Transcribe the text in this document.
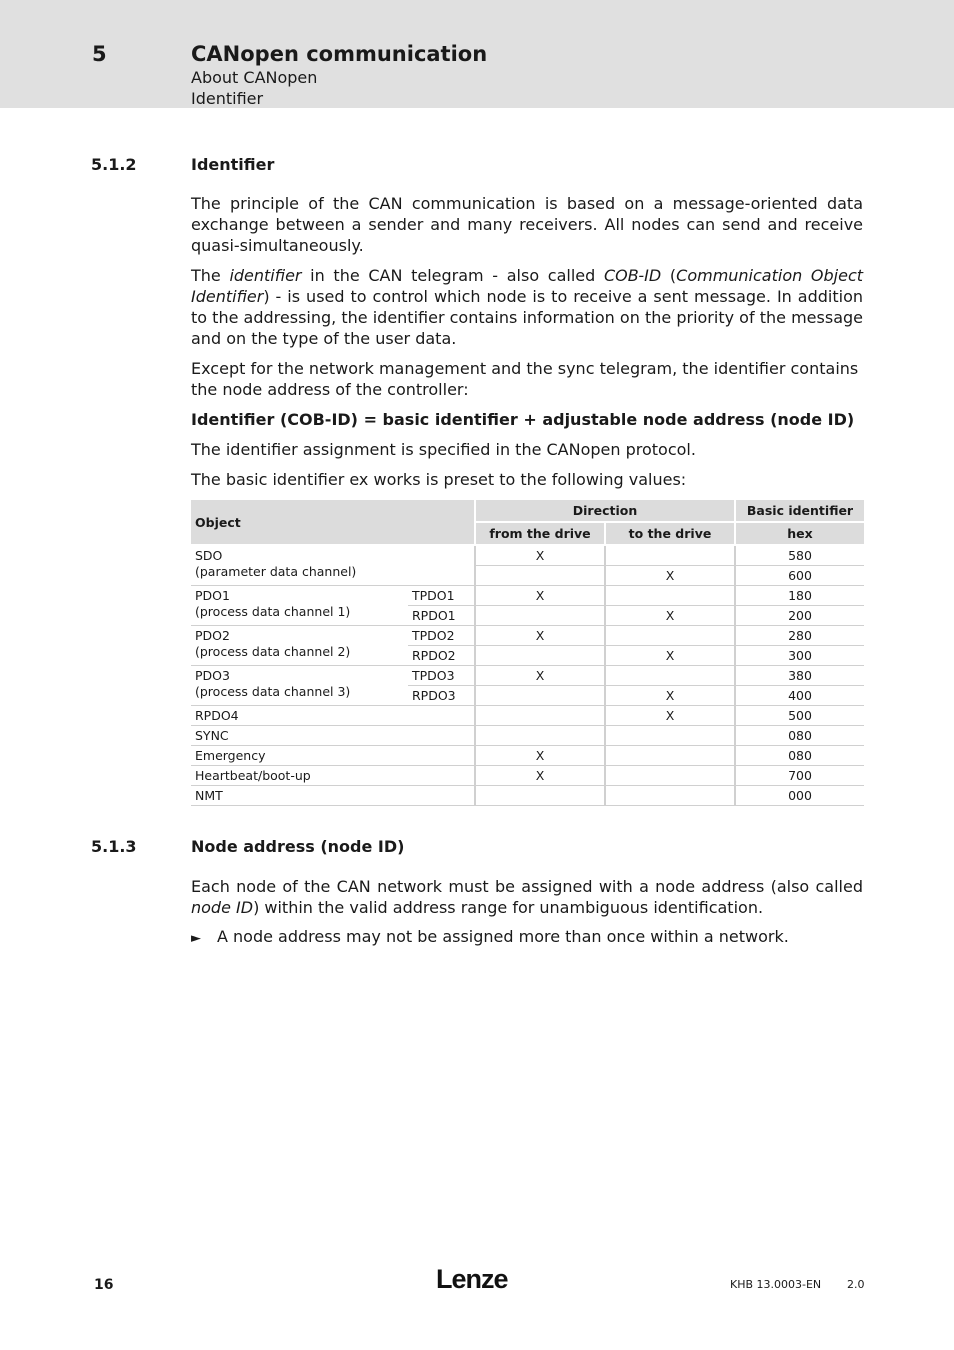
5	CANopen communication
About CANopen
Identifier
5.1.2	Identifier

The principle of the CAN communication is based on a message-oriented data exchange between a sender and many receivers. All nodes can send and receive quasi-simultaneously.

The identifier in the CAN telegram - also called COB-ID (Communication Object Identifier) - is used to control which node is to receive a sent message. In addition to the addressing, the identifier contains information on the priority of the message and on the type of the user data.

Except for the network management and the sync telegram, the identifier contains the node address of the controller:

Identifier (COB-ID) = basic identifier + adjustable node address (node ID)

The identifier assignment is specified in the CANopen protocol.

The basic identifier ex works is preset to the following values:

Object		Direction		Basic identifier
		from the drive	to the drive	hex
SDO
(parameter data channel)		X		580
			X	600
PDO1
(process data channel 1)	TPDO1	X		180
	RPDO1		X	200
PDO2
(process data channel 2)	TPDO2	X		280
	RPDO2		X	300
PDO3
(process data channel 3)	TPDO3	X		380
	RPDO3		X	400
RPDO4			X	500
SYNC				080
Emergency		X		080
Heartbeat/boot-up		X		700
NMT				000
5.1.3	Node address (node ID)

Each node of the CAN network must be assigned with a node address (also called node ID) within the valid address range for unambiguous identification.

► A node address may not be assigned more than once within a network.
16	Lenze	KHB 13.0003-EN 2.0
